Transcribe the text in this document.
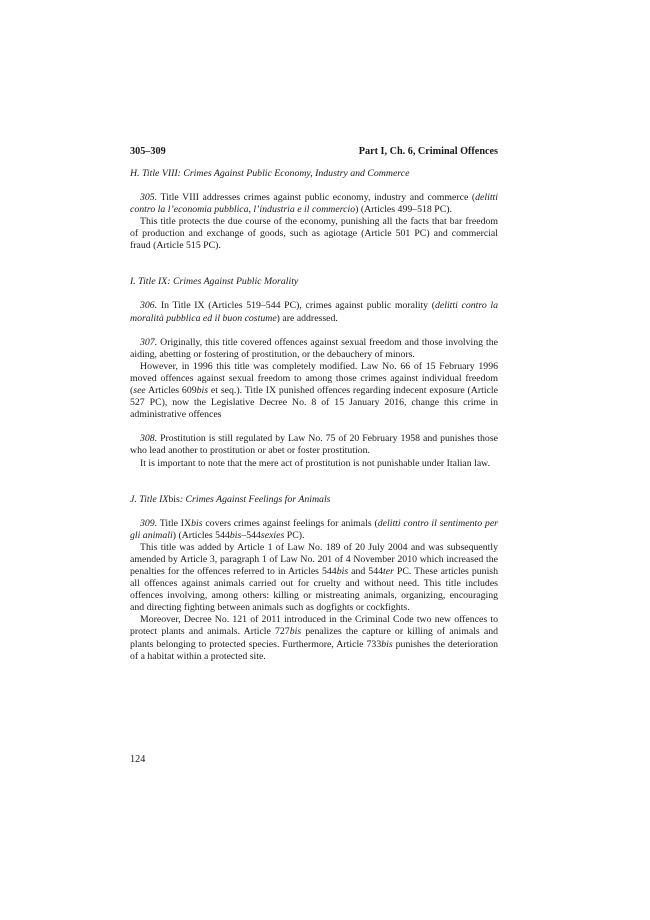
305–309	Part I, Ch. 6, Criminal Offences
H. Title VIII: Crimes Against Public Economy, Industry and Commerce

305. Title VIII addresses crimes against public economy, industry and commerce (delitti contro la l’economia pubblica, l’industria e il commercio) (Articles 499–518 PC).

This title protects the due course of the economy, punishing all the facts that bar freedom of production and exchange of goods, such as agiotage (Article 501 PC) and commercial fraud (Article 515 PC).

I. Title IX: Crimes Against Public Morality

306. In Title IX (Articles 519–544 PC), crimes against public morality (delitti contro la moralità pubblica ed il buon costume) are addressed.

307. Originally, this title covered offences against sexual freedom and those involving the aiding, abetting or fostering of prostitution, or the debauchery of minors.

However, in 1996 this title was completely modified. Law No. 66 of 15 February 1996 moved offences against sexual freedom to among those crimes against individual freedom (see Articles 609bis et seq.). Title IX punished offences regarding indecent exposure (Article 527 PC), now the Legislative Decree No. 8 of 15 January 2016, change this crime in administrative offences

308. Prostitution is still regulated by Law No. 75 of 20 February 1958 and punishes those who lead another to prostitution or abet or foster prostitution.

It is important to note that the mere act of prostitution is not punishable under Italian law.

J. Title IXbis: Crimes Against Feelings for Animals

309. Title IXbis covers crimes against feelings for animals (delitti contro il sentimento per gli animali) (Articles 544bis–544sexies PC).

This title was added by Article 1 of Law No. 189 of 20 July 2004 and was subsequently amended by Article 3, paragraph 1 of Law No. 201 of 4 November 2010 which increased the penalties for the offences referred to in Articles 544bis and 544ter PC. These articles punish all offences against animals carried out for cruelty and without need. This title includes offences involving, among others: killing or mistreating animals, organizing, encouraging and directing fighting between animals such as dogfights or cockfights.

Moreover, Decree No. 121 of 2011 introduced in the Criminal Code two new offences to protect plants and animals. Article 727bis penalizes the capture or killing of animals and plants belonging to protected species. Furthermore, Article 733bis punishes the deterioration of a habitat within a protected site.

124
